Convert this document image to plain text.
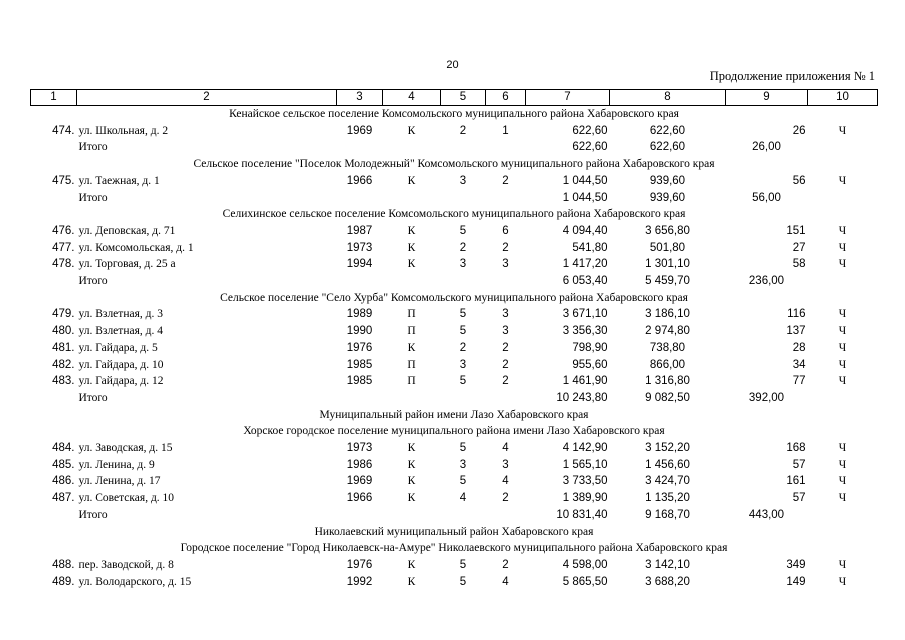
20
Продолжение приложения № 1
1	2	3	4	5	6	7	8	9	10
Кенайское сельское поселение Комсомольского муниципального района Хабаровского края									
474.	ул. Школьная, д. 2	1969	К	2	1	622,60	622,60	26	Ч
	Итого					622,60	622,60	26,00	
Сельское поселение "Поселок Молодежный" Комсомольского муниципального района Хабаровского края									
475.	ул. Таежная, д. 1	1966	К	3	2	1 044,50	939,60	56	Ч
	Итого					1 044,50	939,60	56,00	
Селихинское сельское поселение Комсомольского муниципального района Хабаровского края									
476.	ул. Деповская, д. 71	1987	К	5	6	4 094,40	3 656,80	151	Ч
477.	ул. Комсомольская, д. 1	1973	К	2	2	541,80	501,80	27	Ч
478.	ул. Торговая, д. 25 а	1994	К	3	3	1 417,20	1 301,10	58	Ч
	Итого					6 053,40	5 459,70	236,00	
Сельское поселение "Село Хурба" Комсомольского муниципального района Хабаровского края									
479.	ул. Взлетная, д. 3	1989	П	5	3	3 671,10	3 186,10	116	Ч
480.	ул. Взлетная, д. 4	1990	П	5	3	3 356,30	2 974,80	137	Ч
481.	ул. Гайдара, д. 5	1976	К	2	2	798,90	738,80	28	Ч
482.	ул. Гайдара, д. 10	1985	П	3	2	955,60	866,00	34	Ч
483.	ул. Гайдара, д. 12	1985	П	5	2	1 461,90	1 316,80	77	Ч
	Итого					10 243,80	9 082,50	392,00	
Муниципальный район имени Лазо Хабаровского края									
Хорское городское поселение муниципального района имени Лазо Хабаровского края									
484.	ул. Заводская, д. 15	1973	К	5	4	4 142,90	3 152,20	168	Ч
485.	ул. Ленина, д. 9	1986	К	3	3	1 565,10	1 456,60	57	Ч
486.	ул. Ленина, д. 17	1969	К	5	4	3 733,50	3 424,70	161	Ч
487.	ул. Советская, д. 10	1966	К	4	2	1 389,90	1 135,20	57	Ч
	Итого					10 831,40	9 168,70	443,00	
Николаевский муниципальный район Хабаровского края									
Городское поселение "Город Николаевск-на-Амуре" Николаевского муниципального района Хабаровского края									
488.	пер. Заводской, д. 8	1976	К	5	2	4 598,00	3 142,10	349	Ч
489.	ул. Володарского, д. 15	1992	К	5	4	5 865,50	3 688,20	149	Ч
